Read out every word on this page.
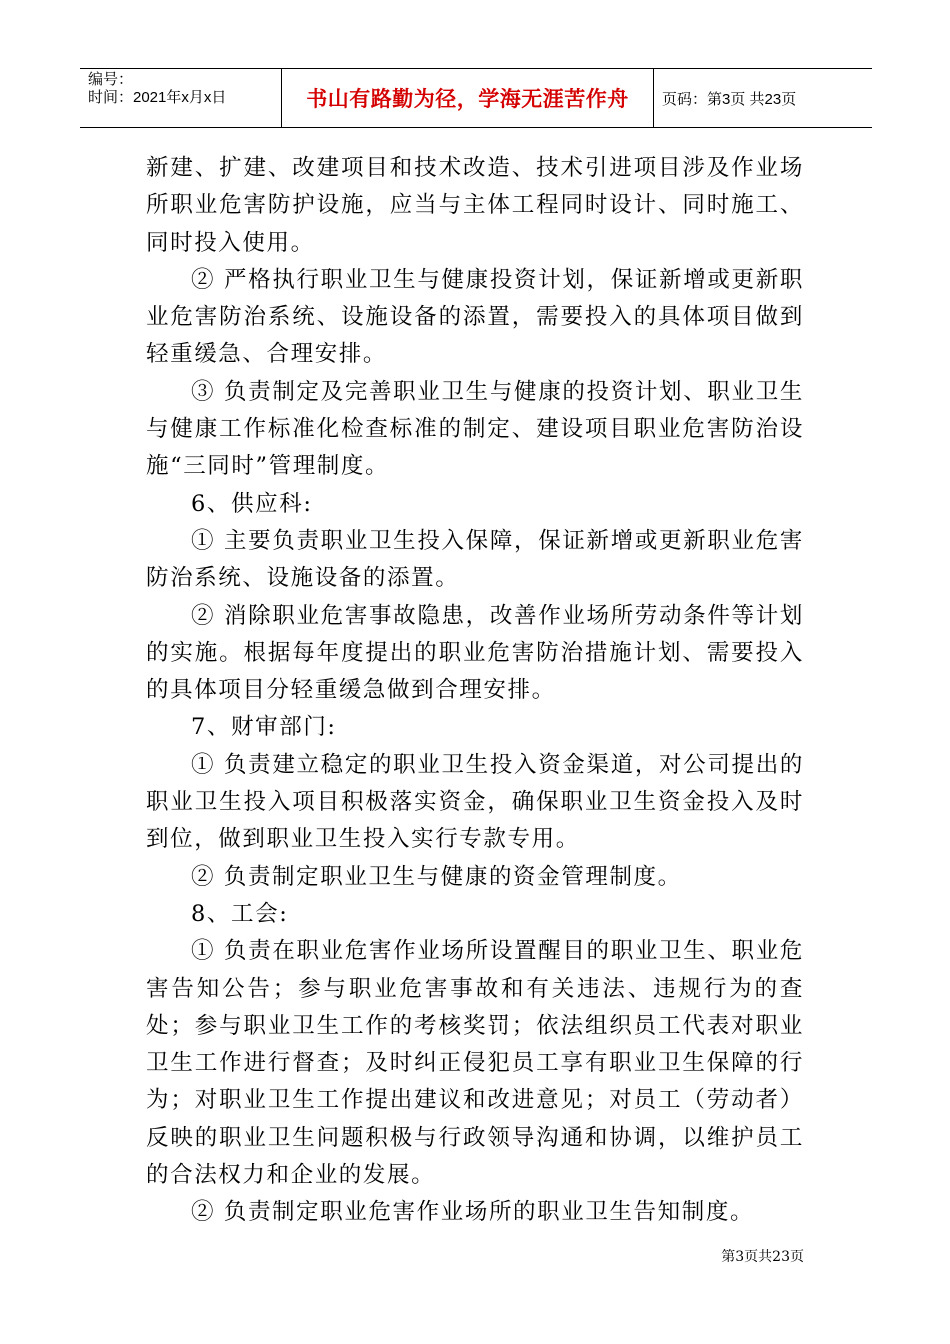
编号：
时间：2021年x月x日	书山有路勤为径，学海无涯苦作舟 页码：第3页 共23页

新建、扩建、改建项目和技术改造、技术引进项目涉及作业场所职业危害防护设施，应当与主体工程同时设计、同时施工、同时投入使用。

② 严格执行职业卫生与健康投资计划，保证新增或更新职业危害防治系统、设施设备的添置，需要投入的具体项目做到轻重缓急、合理安排。

③ 负责制定及完善职业卫生与健康的投资计划、职业卫生与健康工作标准化检查标准的制定、建设项目职业危害防治设施“三同时”管理制度。

6、供应科:

① 主要负责职业卫生投入保障，保证新增或更新职业危害防治系统、设施设备的添置。

② 消除职业危害事故隐患，改善作业场所劳动条件等计划的实施。根据每年度提出的职业危害防治措施计划、需要投入的具体项目分轻重缓急做到合理安排。

7、财审部门:

① 负责建立稳定的职业卫生投入资金渠道，对公司提出的职业卫生投入项目积极落实资金，确保职业卫生资金投入及时到位，做到职业卫生投入实行专款专用。

② 负责制定职业卫生与健康的资金管理制度。

8、工会:

① 负责在职业危害作业场所设置醒目的职业卫生、职业危害告知公告；参与职业危害事故和有关违法、违规行为的查处；参与职业卫生工作的考核奖罚；依法组织员工代表对职业卫生工作进行督查；及时纠正侵犯员工享有职业卫生保障的行为；对职业卫生工作提出建议和改进意见；对员工（劳动者）反映的职业卫生问题积极与行政领导沟通和协调，以维护员工的合法权力和企业的发展。

② 负责制定职业危害作业场所的职业卫生告知制度。

第3页共23页
